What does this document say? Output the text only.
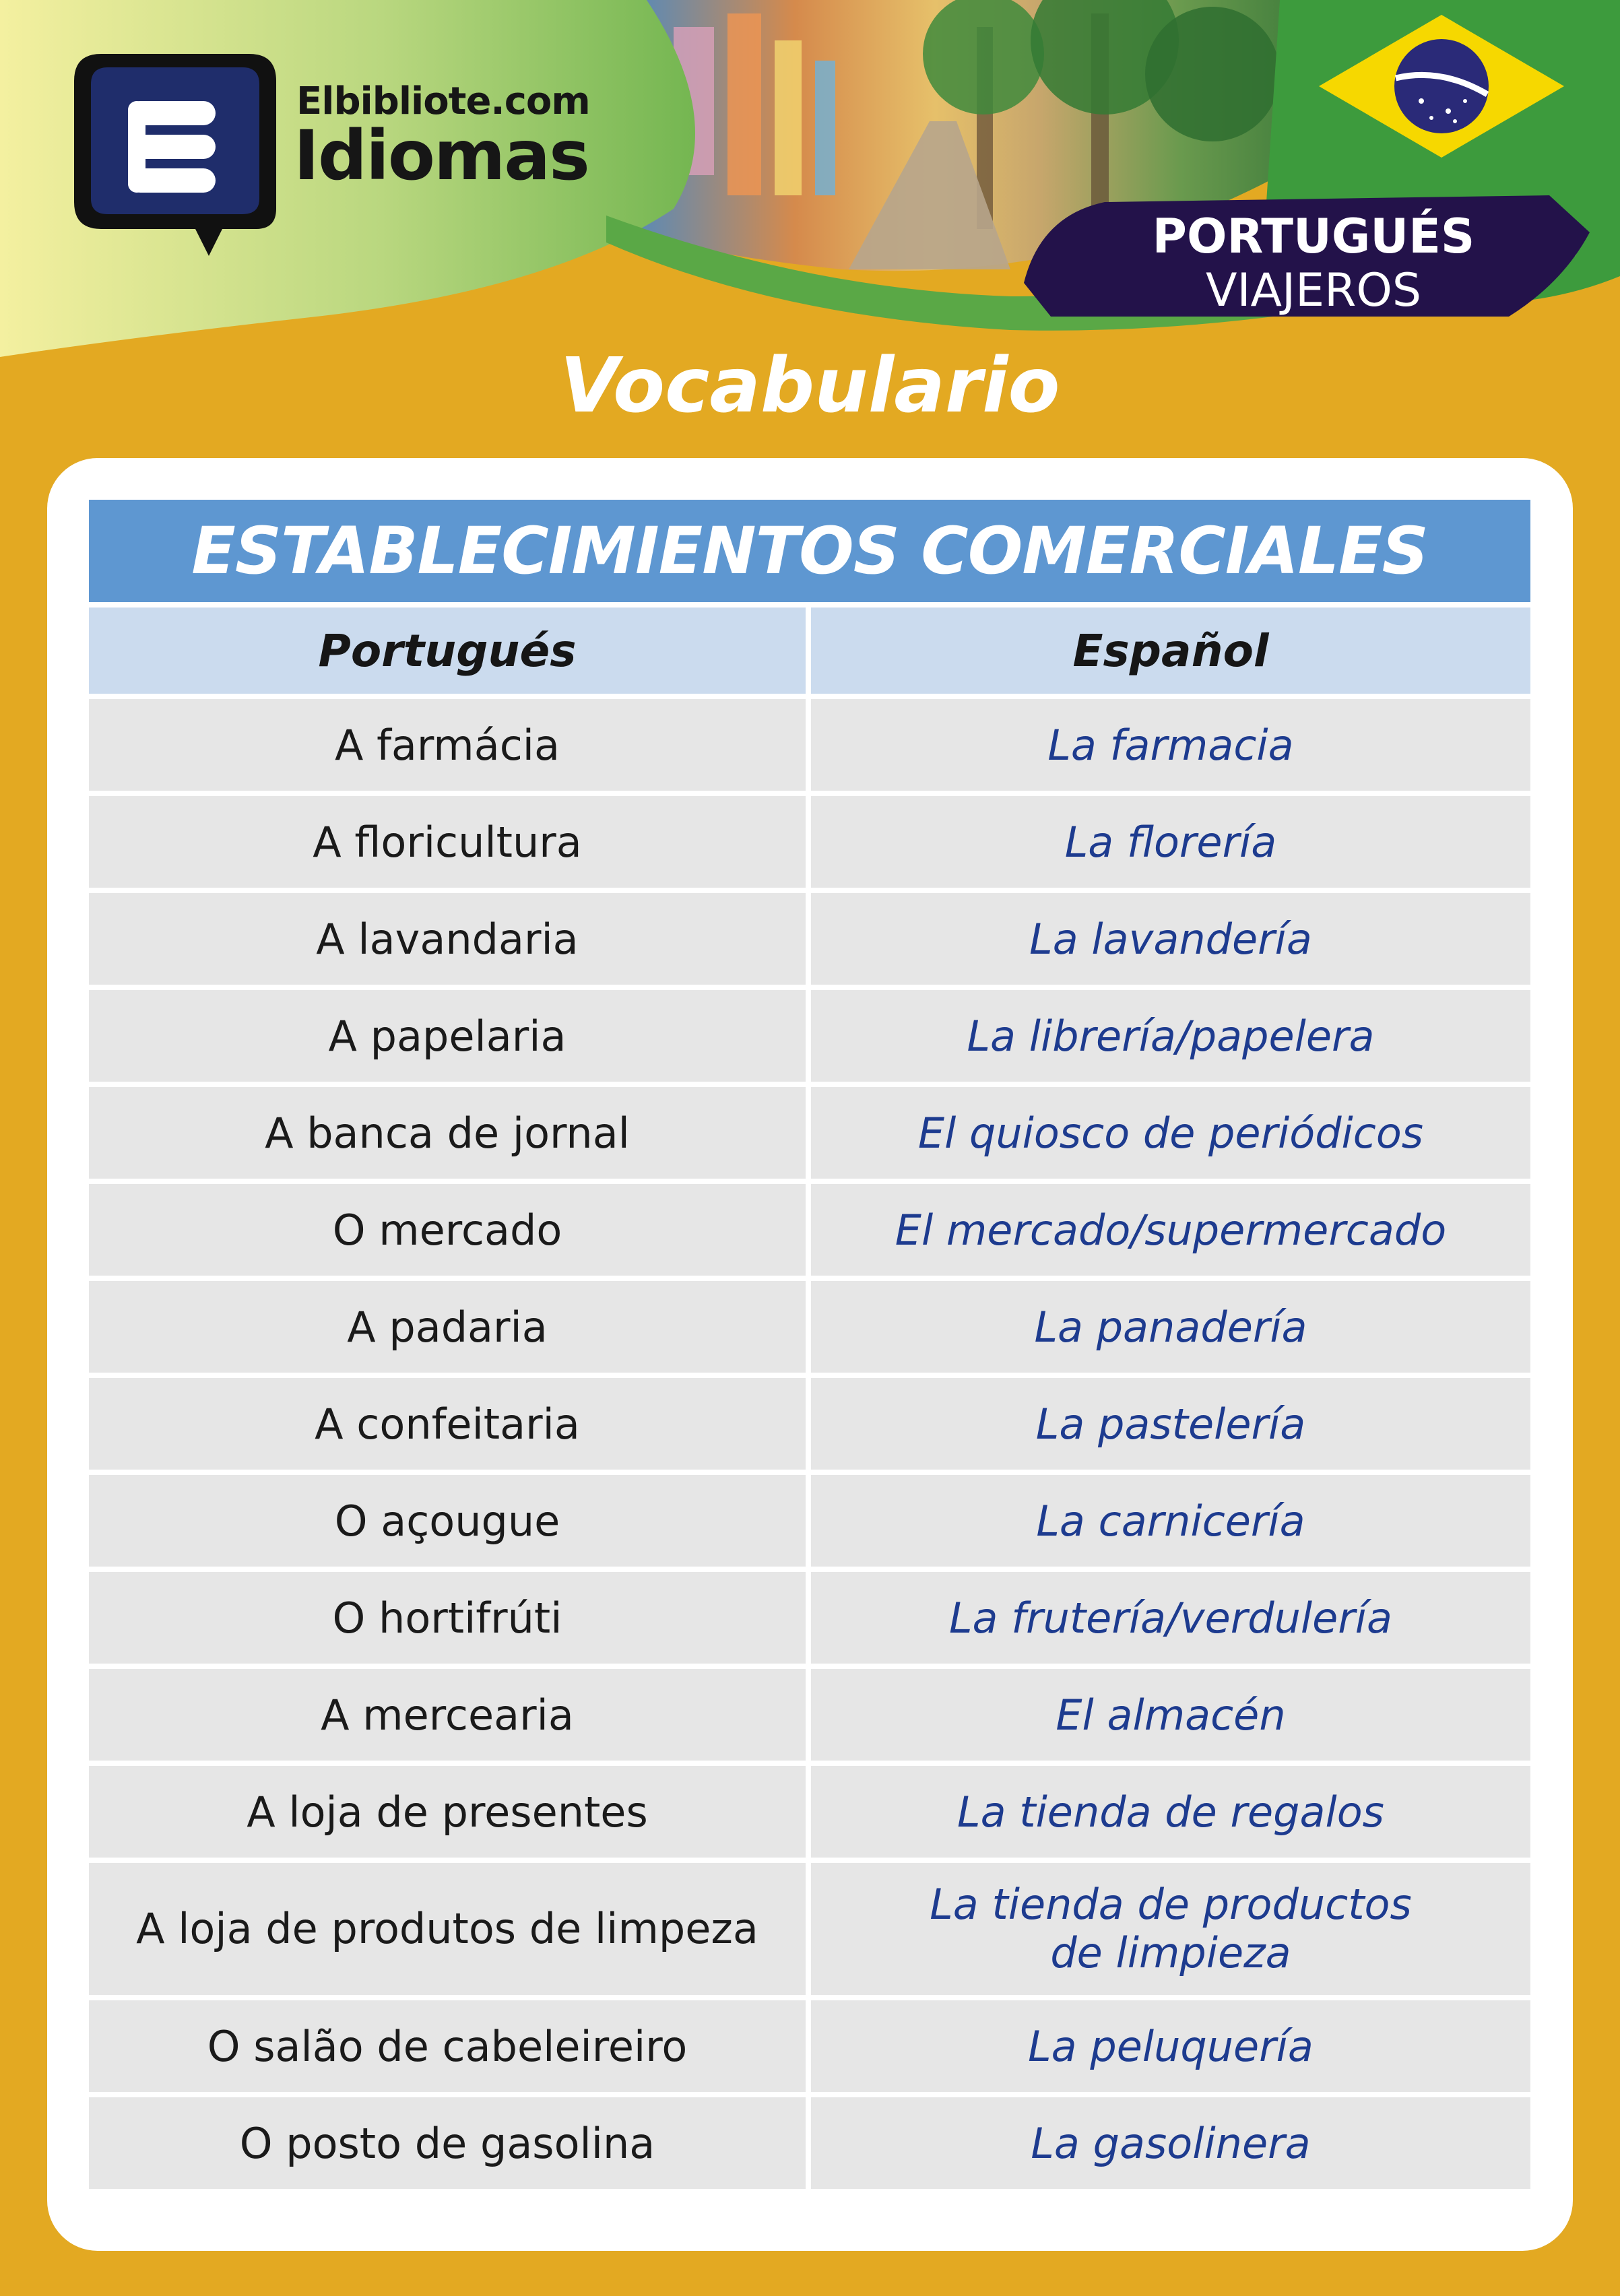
Elbibliote.com
Idiomas
PORTUGUÉS
VIAJEROS
Vocabulario
ESTABLECIMIENTOS COMERCIALES
Portugués	Español
A farmácia	La farmacia
A floricultura	La florería
A lavandaria	La lavandería
A papelaria	La librería/papelera
A banca de jornal	El quiosco de periódicos
O mercado	El mercado/supermercado
A padaria	La panadería
A confeitaria	La pastelería
O açougue	La carnicería
O hortifrúti	La frutería/verdulería
A mercearia	El almacén
A loja de presentes	La tienda de regalos
A loja de produtos de limpeza	La tienda de productos
de limpieza
O salão de cabeleireiro	La peluquería
O posto de gasolina	La gasolinera
